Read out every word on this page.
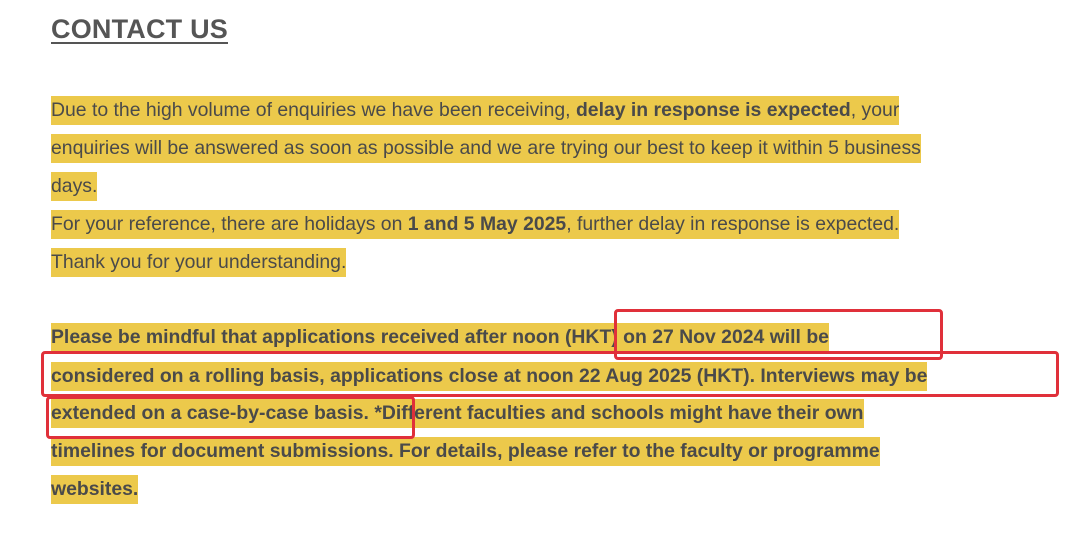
CONTACT US
Due to the high volume of enquiries we have been receiving, delay in response is expected, your
enquiries will be answered as soon as possible and we are trying our best to keep it within 5 business
days.
For your reference, there are holidays on 1 and 5 May 2025, further delay in response is expected.
Thank you for your understanding.
Please be mindful that applications received after noon (HKT) on 27 Nov 2024 will be
considered on a rolling basis, applications close at noon 22 Aug 2025 (HKT). Interviews may be
extended on a case-by-case basis. *Different faculties and schools might have their own
timelines for document submissions. For details, please refer to the faculty or programme
websites.
